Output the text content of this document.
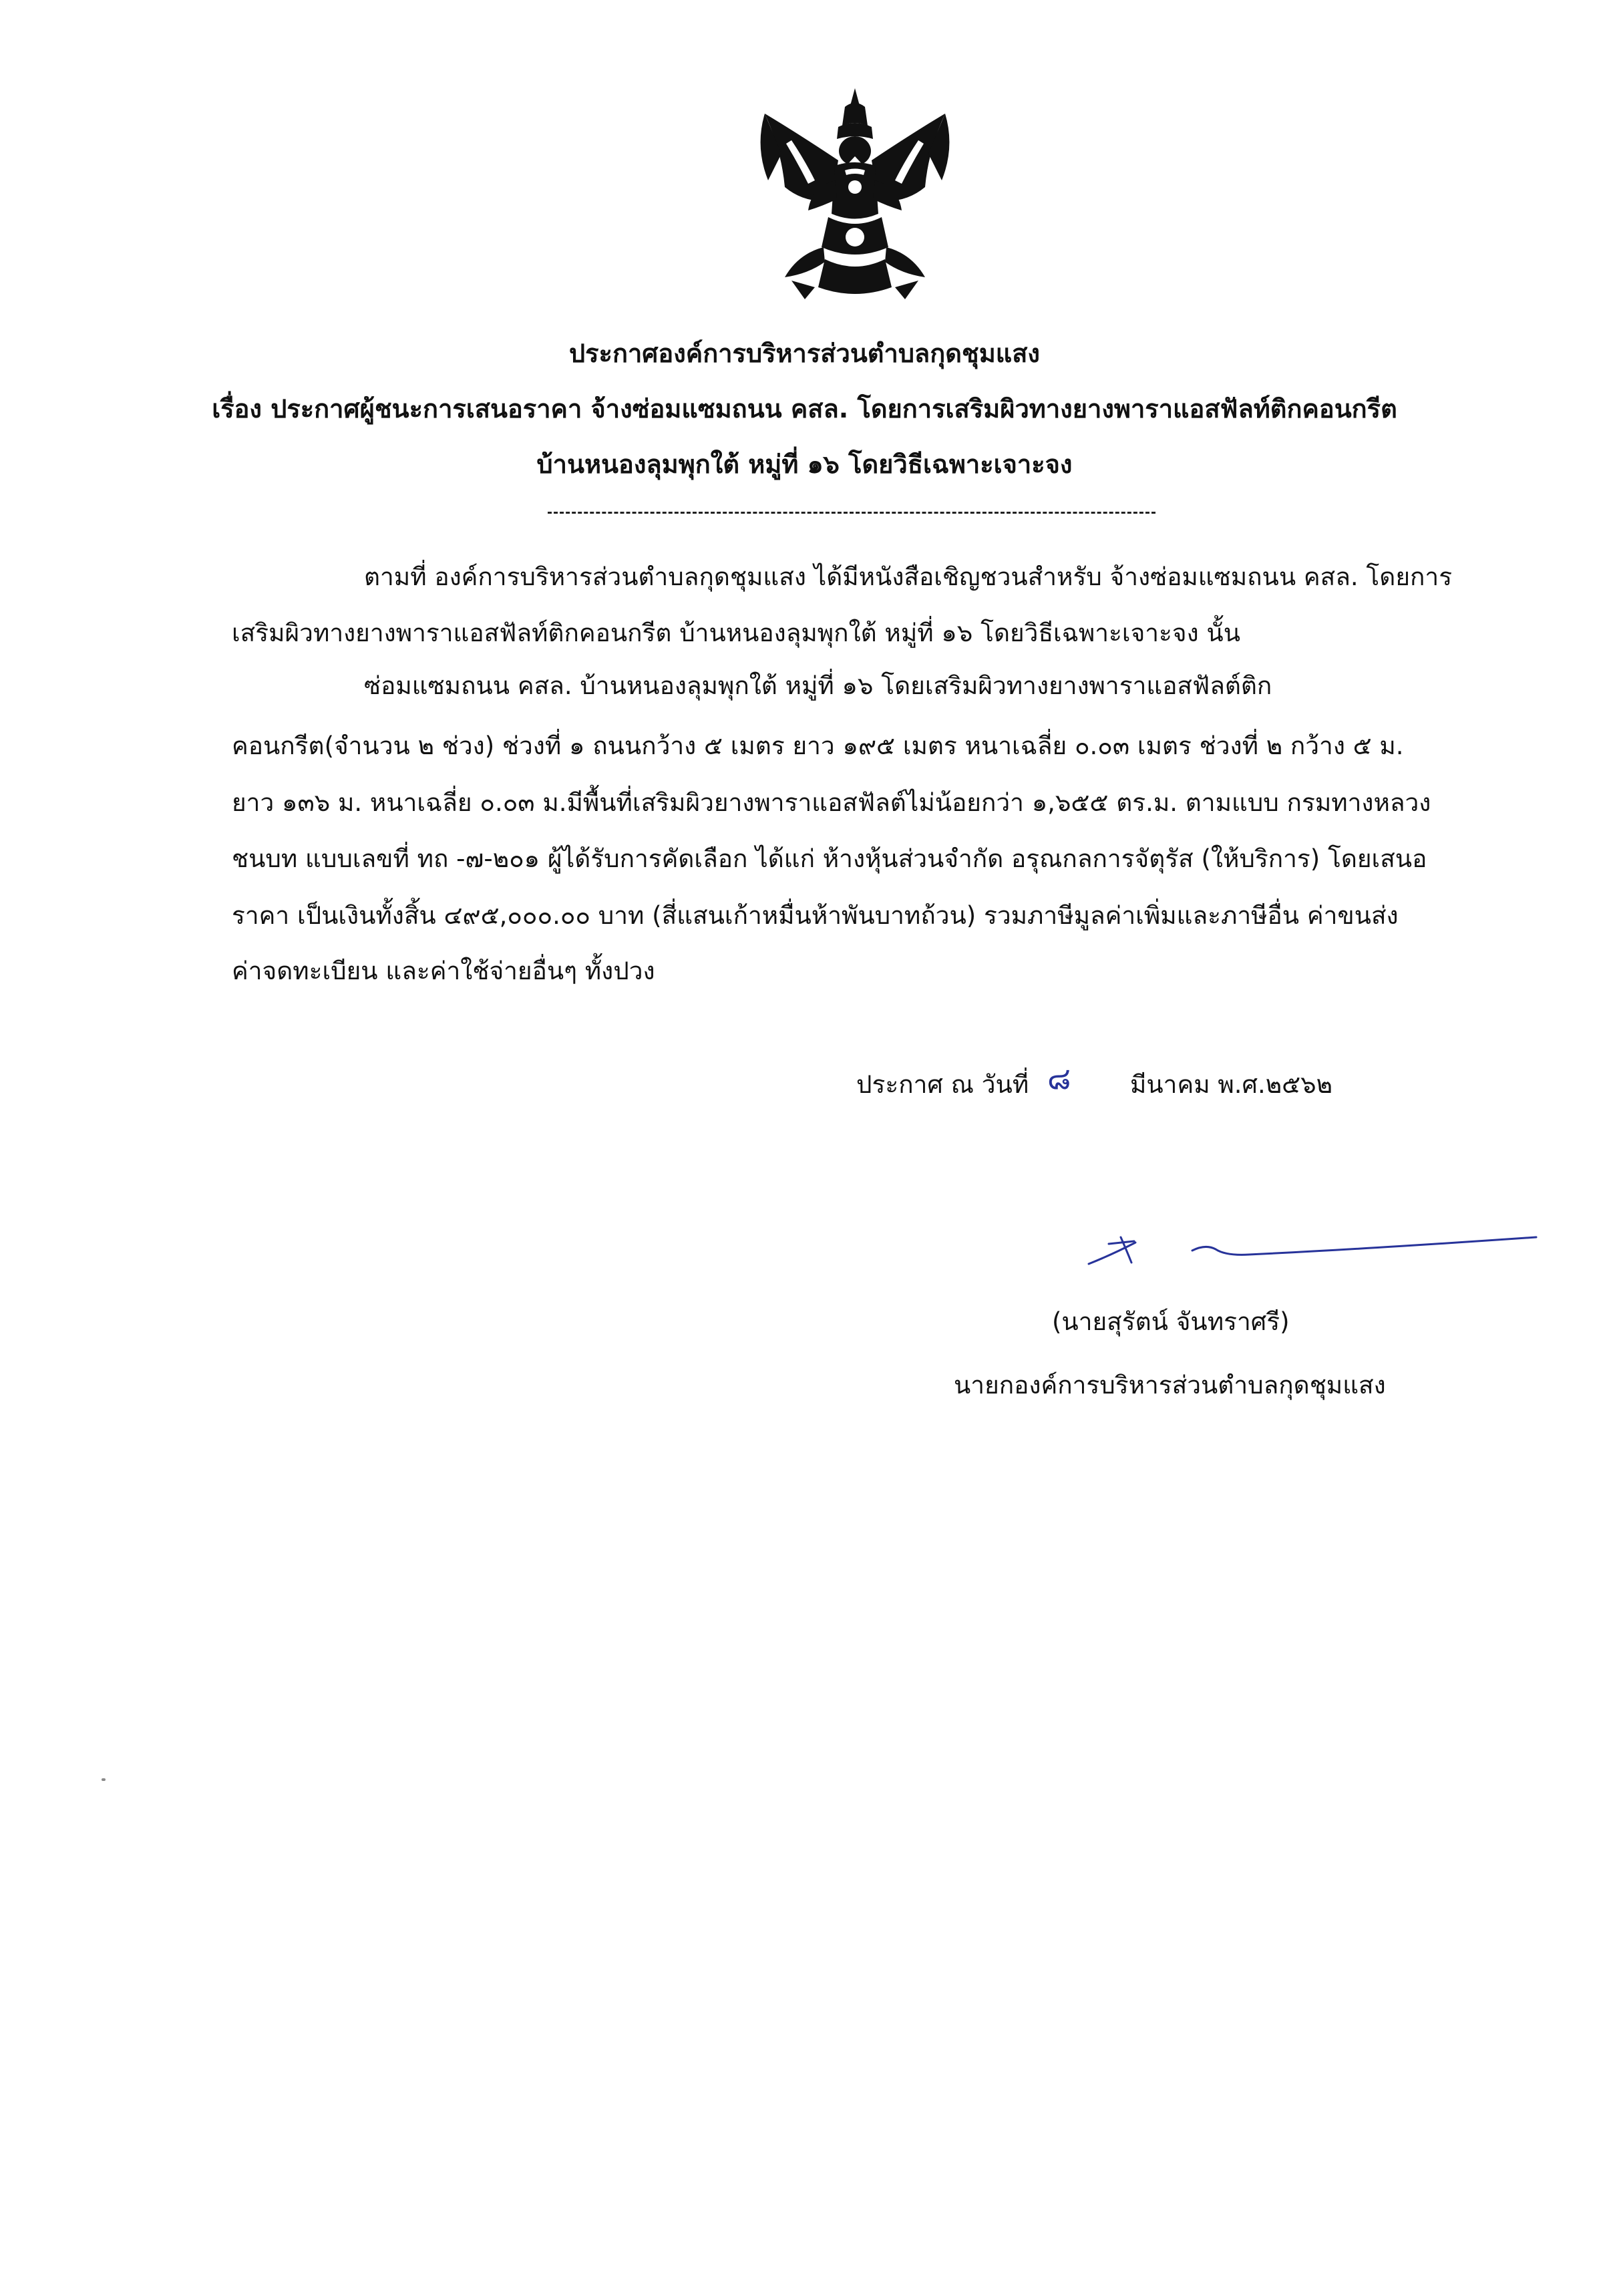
ประกาศองค์การบริหารส่วนตำบลกุดชุมแสง
เรื่อง ประกาศผู้ชนะการเสนอราคา จ้างซ่อมแซมถนน คสล. โดยการเสริมผิวทางยางพาราแอสฟัลท์ติกคอนกรีต
บ้านหนองลุมพุกใต้ หมู่ที่ ๑๖ โดยวิธีเฉพาะเจาะจง
ตามที่ องค์การบริหารส่วนตำบลกุดชุมแสง ได้มีหนังสือเชิญชวนสำหรับ จ้างซ่อมแซมถนน คสล. โดยการ
เสริมผิวทางยางพาราแอสฟัลท์ติกคอนกรีต บ้านหนองลุมพุกใต้ หมู่ที่ ๑๖ โดยวิธีเฉพาะเจาะจง นั้น
ซ่อมแซมถนน คสล. บ้านหนองลุมพุกใต้ หมู่ที่ ๑๖ โดยเสริมผิวทางยางพาราแอสฟัลต์ติก
คอนกรีต(จำนวน ๒ ช่วง) ช่วงที่ ๑ ถนนกว้าง ๕ เมตร ยาว ๑๙๕ เมตร หนาเฉลี่ย ๐.๐๓ เมตร ช่วงที่ ๒ กว้าง ๕ ม.
ยาว ๑๓๖ ม. หนาเฉลี่ย ๐.๐๓ ม.มีพื้นที่เสริมผิวยางพาราแอสฟัลต์ไม่น้อยกว่า ๑,๖๕๕ ตร.ม. ตามแบบ กรมทางหลวง
ชนบท แบบเลขที่ ทถ -๗-๒๐๑ ผู้ได้รับการคัดเลือก ได้แก่ ห้างหุ้นส่วนจำกัด อรุณกลการจัตุรัส (ให้บริการ) โดยเสนอ
ราคา เป็นเงินทั้งสิ้น ๔๙๕,๐๐๐.๐๐ บาท (สี่แสนเก้าหมื่นห้าพันบาทถ้วน) รวมภาษีมูลค่าเพิ่มและภาษีอื่น ค่าขนส่ง
ค่าจดทะเบียน และค่าใช้จ่ายอื่นๆ ทั้งปวง
ประกาศ ณ วันที่ ๘ มีนาคม พ.ศ.๒๕๖๒
(นายสุรัตน์ จันทราศรี)
นายกองค์การบริหารส่วนตำบลกุดชุมแสง
